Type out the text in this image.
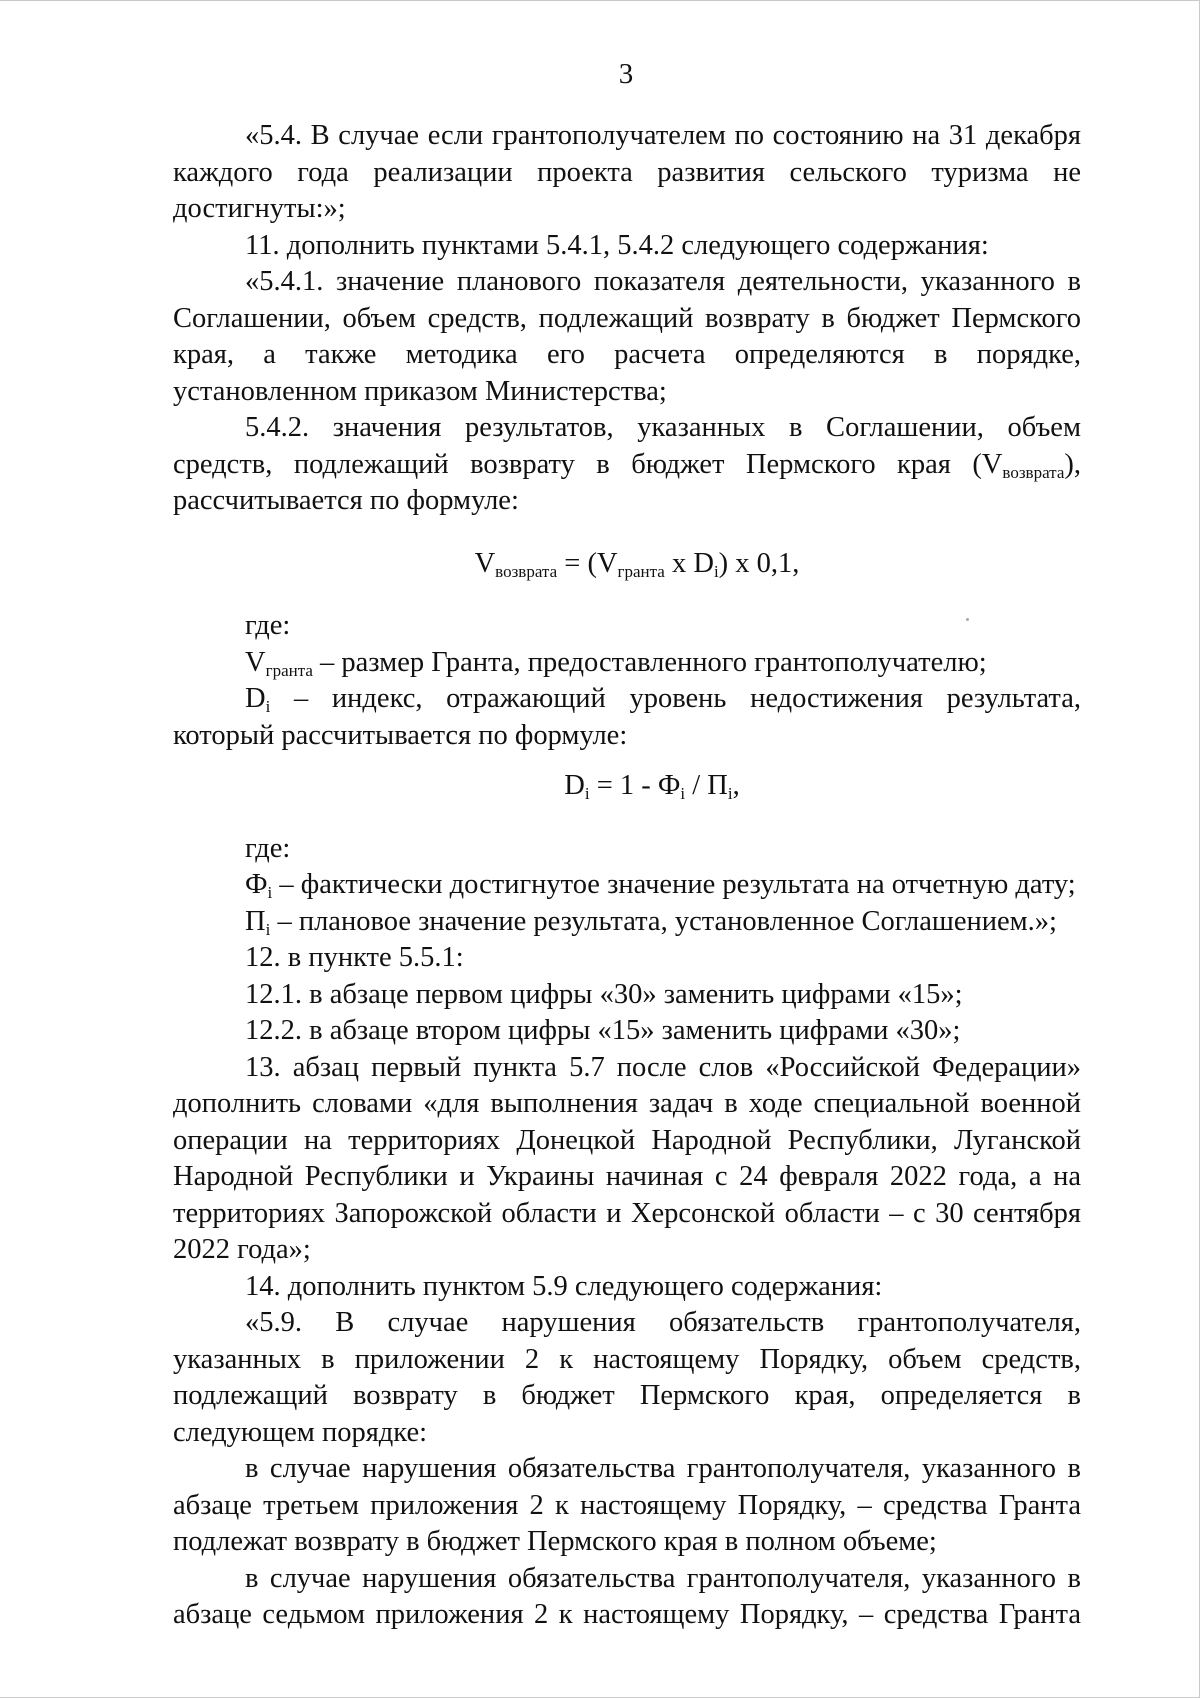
3

«5.4. В случае если грантополучателем по состоянию на 31 декабря каждого года реализации проекта развития сельского туризма не достигнуты:»;

11. дополнить пунктами 5.4.1, 5.4.2 следующего содержания:

«5.4.1. значение планового показателя деятельности, указанного в Соглашении, объем средств, подлежащий возврату в бюджет Пермского края, а также методика его расчета определяются в порядке, установленном приказом Министерства;

5.4.2. значения результатов, указанных в Соглашении, объем средств, подлежащий возврату в бюджет Пермского края $(V_{возврата})$, рассчитывается по формуле:

$V_{возврата} = (V_{гранта}$ x $D_i$) x 0,1,

где:

$V_{гранта}$ – размер Гранта, предоставленного грантополучателю;

$D_i$ – индекс, отражающий уровень недостижения результата, который рассчитывается по формуле:

$D_i = 1 - Ф_i / П_i$,

где:

$Ф_i$ – фактически достигнутое значение результата на отчетную дату;

$П_i$ – плановое значение результата, установленное Соглашением.»;

12. в пункте 5.5.1:

12.1. в абзаце первом цифры «30» заменить цифрами «15»;

12.2. в абзаце втором цифры «15» заменить цифрами «30»;

13. абзац первый пункта 5.7 после слов «Российской Федерации» дополнить словами «для выполнения задач в ходе специальной военной операции на территориях Донецкой Народной Республики, Луганской Народной Республики и Украины начиная с 24 февраля 2022 года, а на территориях Запорожской области и Херсонской области – с 30 сентября 2022 года»;

14. дополнить пунктом 5.9 следующего содержания:

«5.9. В случае нарушения обязательств грантополучателя, указанных в приложении 2 к настоящему Порядку, объем средств, подлежащий возврату в бюджет Пермского края, определяется в следующем порядке:

в случае нарушения обязательства грантополучателя, указанного в абзаце третьем приложения 2 к настоящему Порядку, – средства Гранта подлежат возврату в бюджет Пермского края в полном объеме;

в случае нарушения обязательства грантополучателя, указанного в абзаце седьмом приложения 2 к настоящему Порядку, – средства Гранта
